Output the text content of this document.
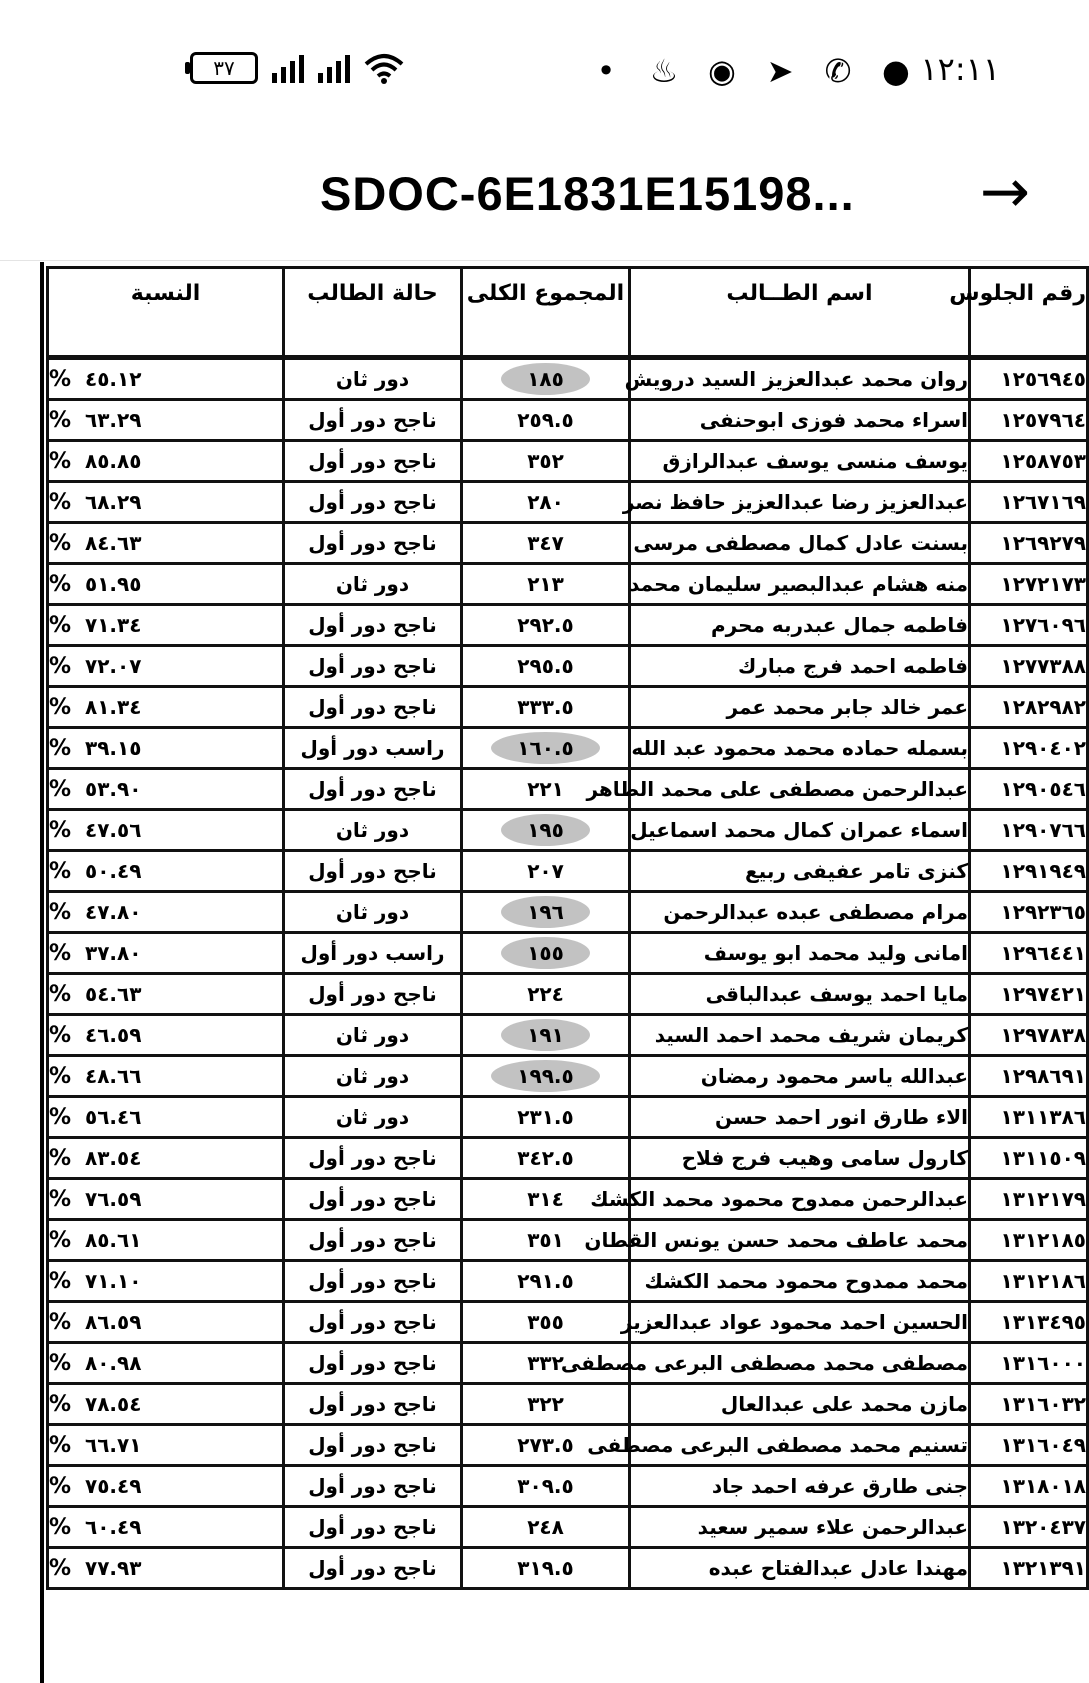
٣٧	• ♨ ◉ ➤ ✆ ● ١٢:١١
SDOC-6E1831E15198... →
رقم الجلوس	اسم الطــالب	المجموع الكلى	حالة الطالب	النسبة
١٢٥٦٩٤٥	روان محمد عبدالعزيز السيد درويش	١٨٥	دور ثان	% ٤٥.١٢
١٢٥٧٩٦٤	اسراء محمد فوزى ابوحنفى	٢٥٩.٥	ناجح دور أول	% ٦٣.٢٩
١٢٥٨٧٥٣	يوسف منسى يوسف عبدالرازق	٣٥٢	ناجح دور أول	% ٨٥.٨٥
١٢٦٧١٦٩	عبدالعزيز رضا عبدالعزيز حافظ نصر	٢٨٠	ناجح دور أول	% ٦٨.٢٩
١٢٦٩٢٧٩	بسنت عادل كمال مصطفى مرسى	٣٤٧	ناجح دور أول	% ٨٤.٦٣
١٢٧٢١٧٣	منه هشام عبدالبصير سليمان محمد	٢١٣	دور ثان	% ٥١.٩٥
١٢٧٦٠٩٦	فاطمه جمال عبدربه محرم	٢٩٢.٥	ناجح دور أول	% ٧١.٣٤
١٢٧٧٣٨٨	فاطمه احمد فرج مبارك	٢٩٥.٥	ناجح دور أول	% ٧٢.٠٧
١٢٨٢٩٨٢	عمر خالد جابر محمد عمر	٣٣٣.٥	ناجح دور أول	% ٨١.٣٤
١٢٩٠٤٠٢	بسمله حماده محمد محمود عبد الله	١٦٠.٥	راسب دور أول	% ٣٩.١٥
١٢٩٠٥٤٦	عبدالرحمن مصطفى على محمد الطاهر	٢٢١	ناجح دور أول	% ٥٣.٩٠
١٢٩٠٧٦٦	اسماء عمران كمال محمد اسماعيل	١٩٥	دور ثان	% ٤٧.٥٦
١٢٩١٩٤٩	كنزى تامر عفيفى ربيع	٢٠٧	ناجح دور أول	% ٥٠.٤٩
١٢٩٢٣٦٥	مرام مصطفى عبده عبدالرحمن	١٩٦	دور ثان	% ٤٧.٨٠
١٢٩٦٤٤١	امانى وليد محمد ابو يوسف	١٥٥	راسب دور أول	% ٣٧.٨٠
١٢٩٧٤٢١	مايا احمد يوسف عبدالباقى	٢٢٤	ناجح دور أول	% ٥٤.٦٣
١٢٩٧٨٣٨	كريمان شريف محمد احمد السيد	١٩١	دور ثان	% ٤٦.٥٩
١٢٩٨٦٩١	عبدالله ياسر محمود رمضان	١٩٩.٥	دور ثان	% ٤٨.٦٦
١٣١١٣٨٦	الاء طارق انور احمد حسن	٢٣١.٥	دور ثان	% ٥٦.٤٦
١٣١١٥٠٩	كارول سامى وهيب فرج فلاح	٣٤٢.٥	ناجح دور أول	% ٨٣.٥٤
١٣١٢١٧٩	عبدالرحمن ممدوح محمود محمد الكشك	٣١٤	ناجح دور أول	% ٧٦.٥٩
١٣١٢١٨٥	محمد عاطف محمد حسن يونس القطان	٣٥١	ناجح دور أول	% ٨٥.٦١
١٣١٢١٨٦	محمد ممدوح محمود محمد الكشك	٢٩١.٥	ناجح دور أول	% ٧١.١٠
١٣١٣٤٩٥	الحسين احمد محمود عواد عبدالعزيز	٣٥٥	ناجح دور أول	% ٨٦.٥٩
١٣١٦٠٠٠	مصطفى محمد مصطفى البرعى مصطفى	٣٣٢	ناجح دور أول	% ٨٠.٩٨
١٣١٦٠٣٢	مازن محمد على عبدالعال	٣٢٢	ناجح دور أول	% ٧٨.٥٤
١٣١٦٠٤٩	تسنيم محمد مصطفى البرعى مصطفى	٢٧٣.٥	ناجح دور أول	% ٦٦.٧١
١٣١٨٠١٨	جنى طارق عرفه احمد جاد	٣٠٩.٥	ناجح دور أول	% ٧٥.٤٩
١٣٢٠٤٣٧	عبدالرحمن علاء سمير سعيد	٢٤٨	ناجح دور أول	% ٦٠.٤٩
١٣٢١٣٩١	مهندا عادل عبدالفتاح عبده	٣١٩.٥	ناجح دور أول	% ٧٧.٩٣
